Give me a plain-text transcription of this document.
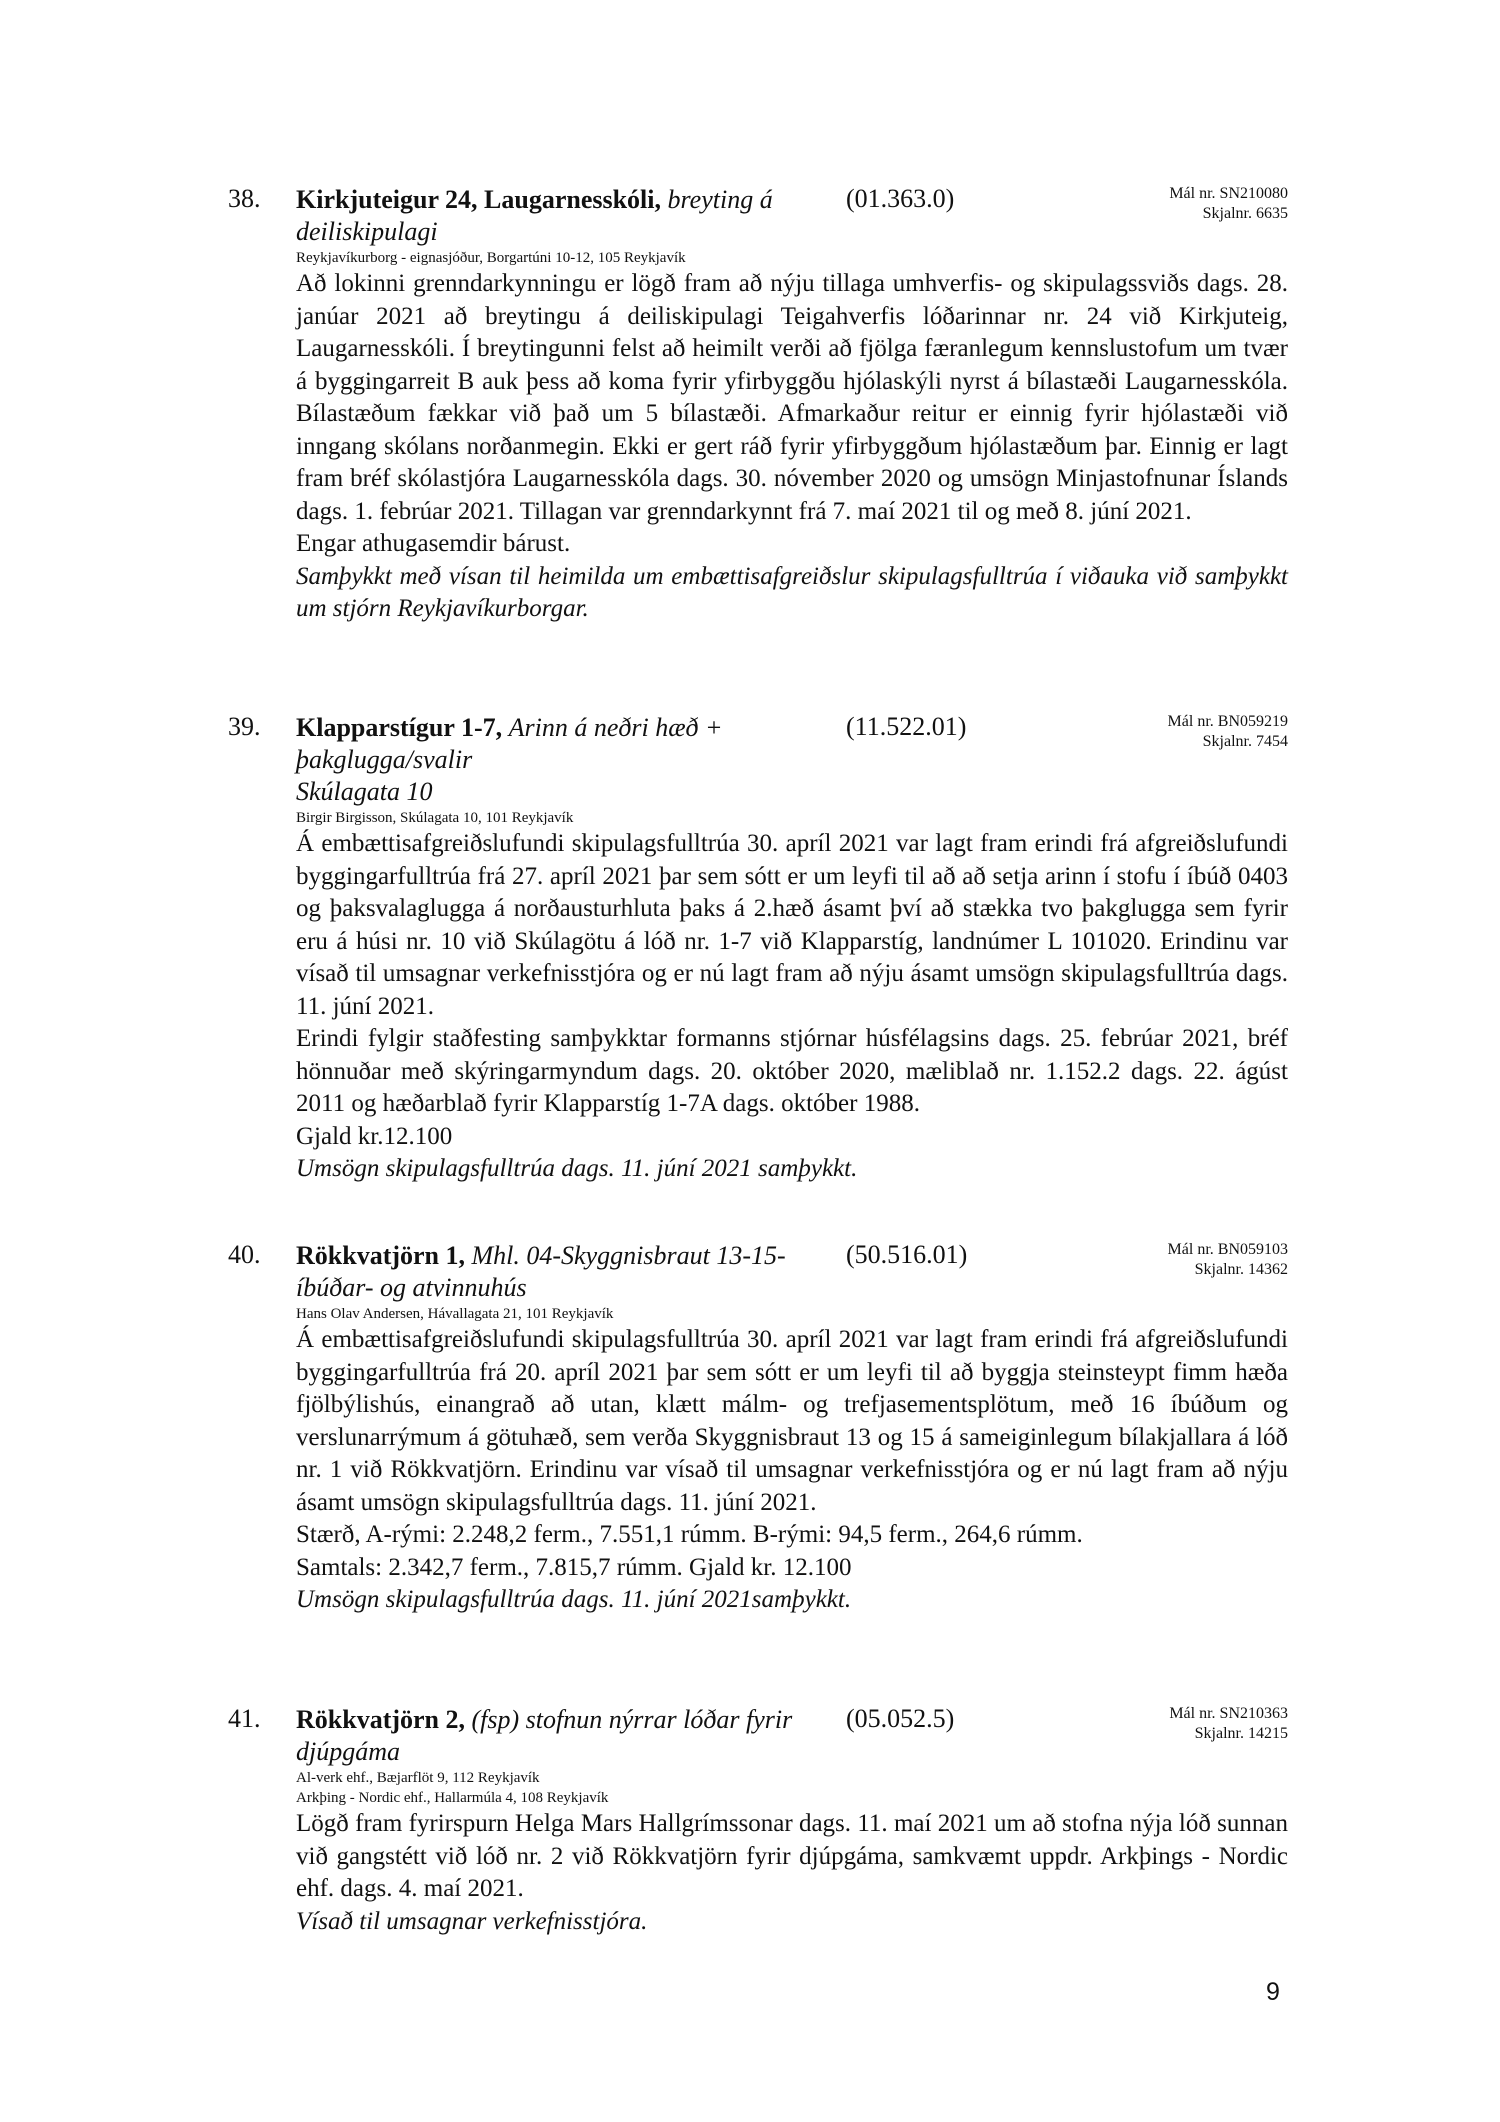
38. Kirkjuteigur 24, Laugarnesskóli, breyting á deiliskipulagi
(01.363.0)	Mál nr. SN210080
Skjalnr. 6635
Reykjavíkurborg - eignasjóður, Borgartúni 10-12, 105 Reykjavík

Að lokinni grenndarkynningu er lögð fram að nýju tillaga umhverfis- og skipulagssviðs dags. 28. janúar 2021 að breytingu á deiliskipulagi Teigahverfis lóðarinnar nr. 24 við Kirkjuteig, Laugarnesskóli. Í breytingunni felst að heimilt verði að fjölga færanlegum kennslustofum um tvær á byggingarreit B auk þess að koma fyrir yfirbyggðu hjólaskýli nyrst á bílastæði Laugarnesskóla. Bílastæðum fækkar við það um 5 bílastæði. Afmarkaður reitur er einnig fyrir hjólastæði við inngang skólans norðanmegin. Ekki er gert ráð fyrir yfirbyggðum hjólastæðum þar. Einnig er lagt fram bréf skólastjóra Laugarnesskóla dags. 30. nóvember 2020 og umsögn Minjastofnunar Íslands dags. 1. febrúar 2021. Tillagan var grenndarkynnt frá 7. maí 2021 til og með 8. júní 2021.

Engar athugasemdir bárust.

Samþykkt með vísan til heimilda um embættisafgreiðslur skipulagsfulltrúa í viðauka við samþykkt um stjórn Reykjavíkurborgar.

39. Klapparstígur 1-7, Arinn á neðri hæð + þakglugga/svalir
Skúlagata 10
(11.522.01)	Mál nr. BN059219
Skjalnr. 7454
Birgir Birgisson, Skúlagata 10, 101 Reykjavík

Á embættisafgreiðslufundi skipulagsfulltrúa 30. apríl 2021 var lagt fram erindi frá afgreiðslufundi byggingarfulltrúa frá 27. apríl 2021 þar sem sótt er um leyfi til að að setja arinn í stofu í íbúð 0403 og þaksvalaglugga á norðausturhluta þaks á 2.hæð ásamt því að stækka tvo þakglugga sem fyrir eru á húsi nr. 10 við Skúlagötu á lóð nr. 1-7 við Klapparstíg, landnúmer L 101020. Erindinu var vísað til umsagnar verkefnisstjóra og er nú lagt fram að nýju ásamt umsögn skipulagsfulltrúa dags. 11. júní 2021.

Erindi fylgir staðfesting samþykktar formanns stjórnar húsfélagsins dags. 25. febrúar 2021, bréf hönnuðar með skýringarmyndum dags. 20. október 2020, mæliblað nr. 1.152.2 dags. 22. ágúst 2011 og hæðarblað fyrir Klapparstíg 1-7A dags. október 1988.

Gjald kr.12.100

Umsögn skipulagsfulltrúa dags. 11. júní 2021 samþykkt.

40. Rökkvatjörn 1, Mhl. 04-Skyggnisbraut 13-15-íbúðar- og atvinnuhús
(50.516.01)	Mál nr. BN059103
Skjalnr. 14362
Hans Olav Andersen, Hávallagata 21, 101 Reykjavík

Á embættisafgreiðslufundi skipulagsfulltrúa 30. apríl 2021 var lagt fram erindi frá afgreiðslufundi byggingarfulltrúa frá 20. apríl 2021 þar sem sótt er um leyfi til að byggja steinsteypt fimm hæða fjölbýlishús, einangrað að utan, klætt málm- og trefjasementsplötum, með 16 íbúðum og verslunarrýmum á götuhæð, sem verða Skyggnisbraut 13 og 15 á sameiginlegum bílakjallara á lóð nr. 1 við Rökkvatjörn. Erindinu var vísað til umsagnar verkefnisstjóra og er nú lagt fram að nýju ásamt umsögn skipulagsfulltrúa dags. 11. júní 2021.

Stærð, A-rými: 2.248,2 ferm., 7.551,1 rúmm. B-rými: 94,5 ferm., 264,6 rúmm.

Samtals: 2.342,7 ferm., 7.815,7 rúmm. Gjald kr. 12.100

Umsögn skipulagsfulltrúa dags. 11. júní 2021samþykkt.

41. Rökkvatjörn 2, (fsp) stofnun nýrrar lóðar fyrir djúpgáma
(05.052.5)	Mál nr. SN210363
Skjalnr. 14215
Al-verk ehf., Bæjarflöt 9, 112 Reykjavík
Arkþing - Nordic ehf., Hallarmúla 4, 108 Reykjavík

Lögð fram fyrirspurn Helga Mars Hallgrímssonar dags. 11. maí 2021 um að stofna nýja lóð sunnan við gangstétt við lóð nr. 2 við Rökkvatjörn fyrir djúpgáma, samkvæmt uppdr. Arkþings - Nordic ehf. dags. 4. maí 2021.

Vísað til umsagnar verkefnisstjóra.

9
